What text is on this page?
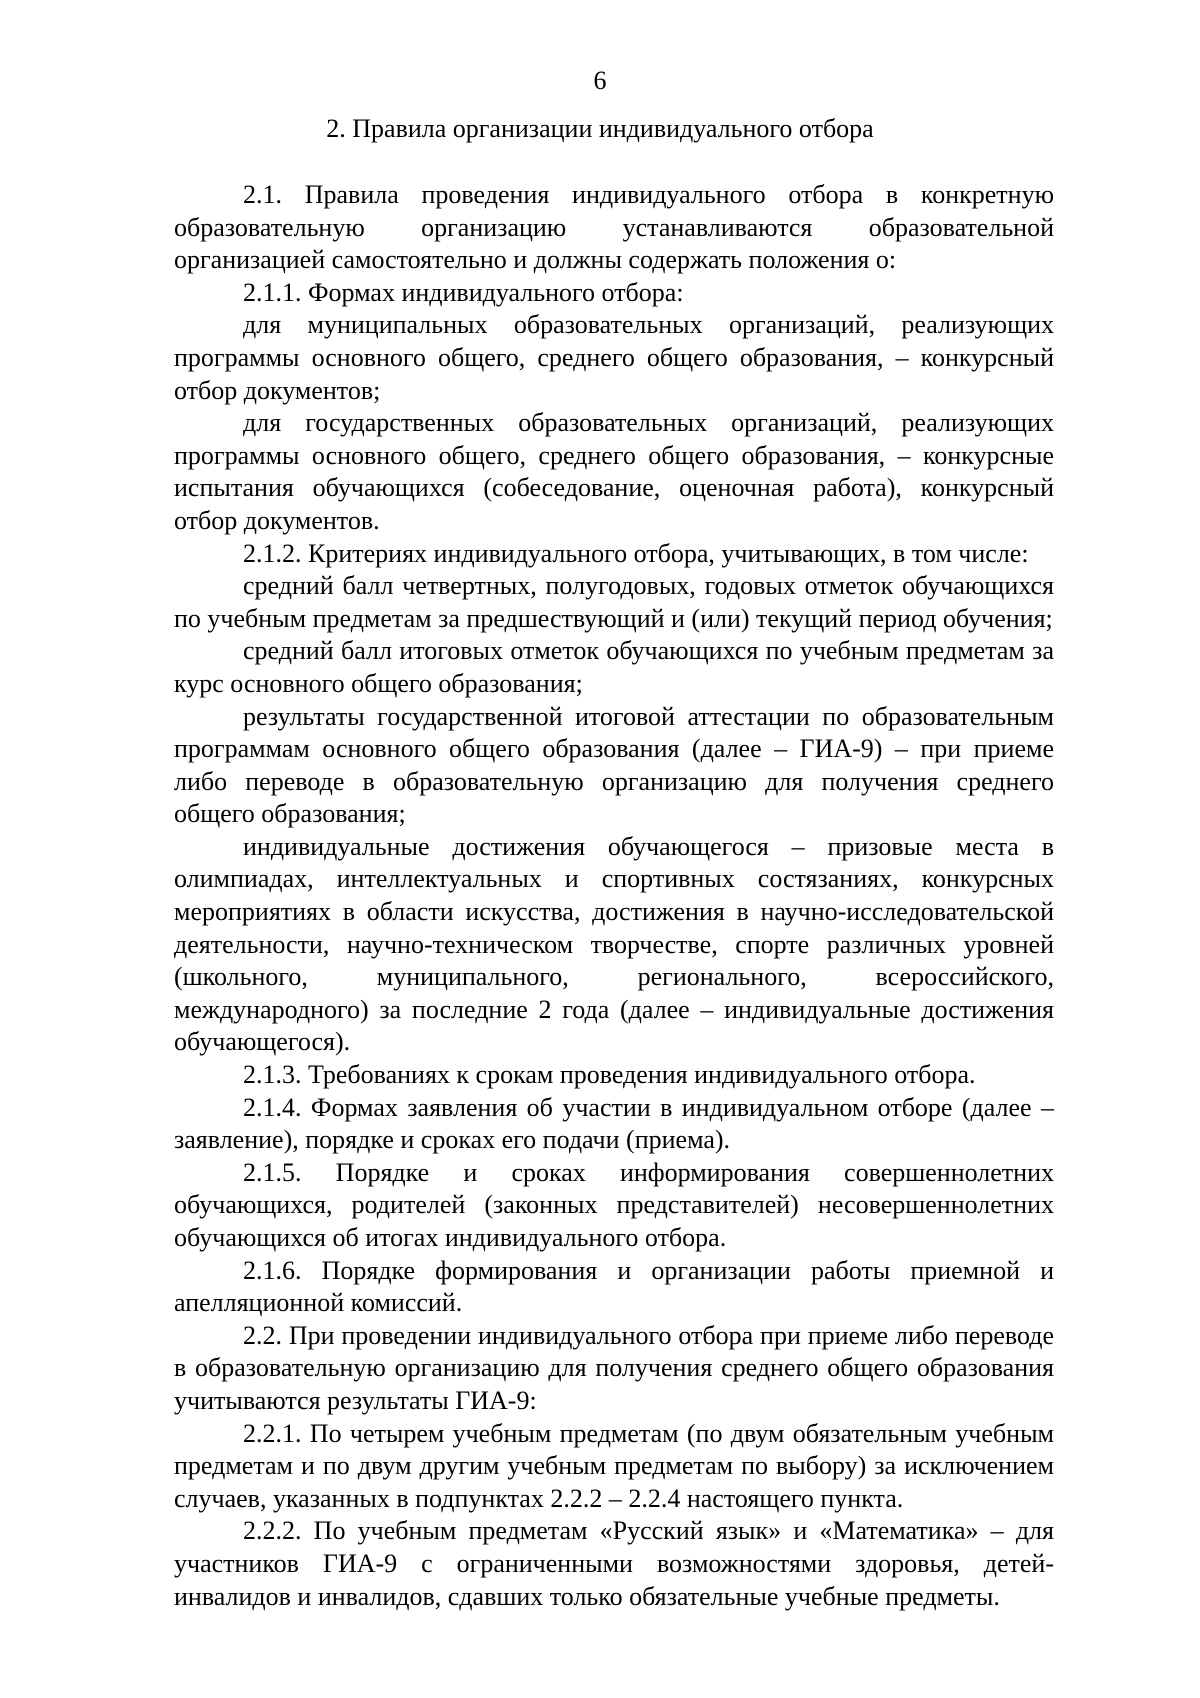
6
2. Правила организации индивидуального отбора

2.1. Правила проведения индивидуального отбора в конкретную образовательную организацию устанавливаются образовательной организацией самостоятельно и должны содержать положения о:

2.1.1. Формах индивидуального отбора:

для муниципальных образовательных организаций, реализующих программы основного общего, среднего общего образования, – конкурсный отбор документов;

для государственных образовательных организаций, реализующих программы основного общего, среднего общего образования, – конкурсные испытания обучающихся (собеседование, оценочная работа), конкурсный отбор документов.

2.1.2. Критериях индивидуального отбора, учитывающих, в том числе:

средний балл четвертных, полугодовых, годовых отметок обучающихся по учебным предметам за предшествующий и (или) текущий период обучения;

средний балл итоговых отметок обучающихся по учебным предметам за курс основного общего образования;

результаты государственной итоговой аттестации по образовательным программам основного общего образования (далее – ГИА-9) – при приеме либо переводе в образовательную организацию для получения среднего общего образования;

индивидуальные достижения обучающегося – призовые места в олимпиадах, интеллектуальных и спортивных состязаниях, конкурсных мероприятиях в области искусства, достижения в научно-исследовательской деятельности, научно-техническом творчестве, спорте различных уровней (школьного, муниципального, регионального, всероссийского, международного) за последние 2 года (далее – индивидуальные достижения обучающегося).

2.1.3. Требованиях к срокам проведения индивидуального отбора.

2.1.4. Формах заявления об участии в индивидуальном отборе (далее – заявление), порядке и сроках его подачи (приема).

2.1.5. Порядке и сроках информирования совершеннолетних обучающихся, родителей (законных представителей) несовершеннолетних обучающихся об итогах индивидуального отбора.

2.1.6. Порядке формирования и организации работы приемной и апелляционной комиссий.

2.2. При проведении индивидуального отбора при приеме либо переводе в образовательную организацию для получения среднего общего образования учитываются результаты ГИА-9:

2.2.1. По четырем учебным предметам (по двум обязательным учебным предметам и по двум другим учебным предметам по выбору) за исключением случаев, указанных в подпунктах 2.2.2 – 2.2.4 настоящего пункта.

2.2.2. По учебным предметам «Русский язык» и «Математика» – для участников ГИА-9 с ограниченными возможностями здоровья, детей-инвалидов и инвалидов, сдавших только обязательные учебные предметы.
